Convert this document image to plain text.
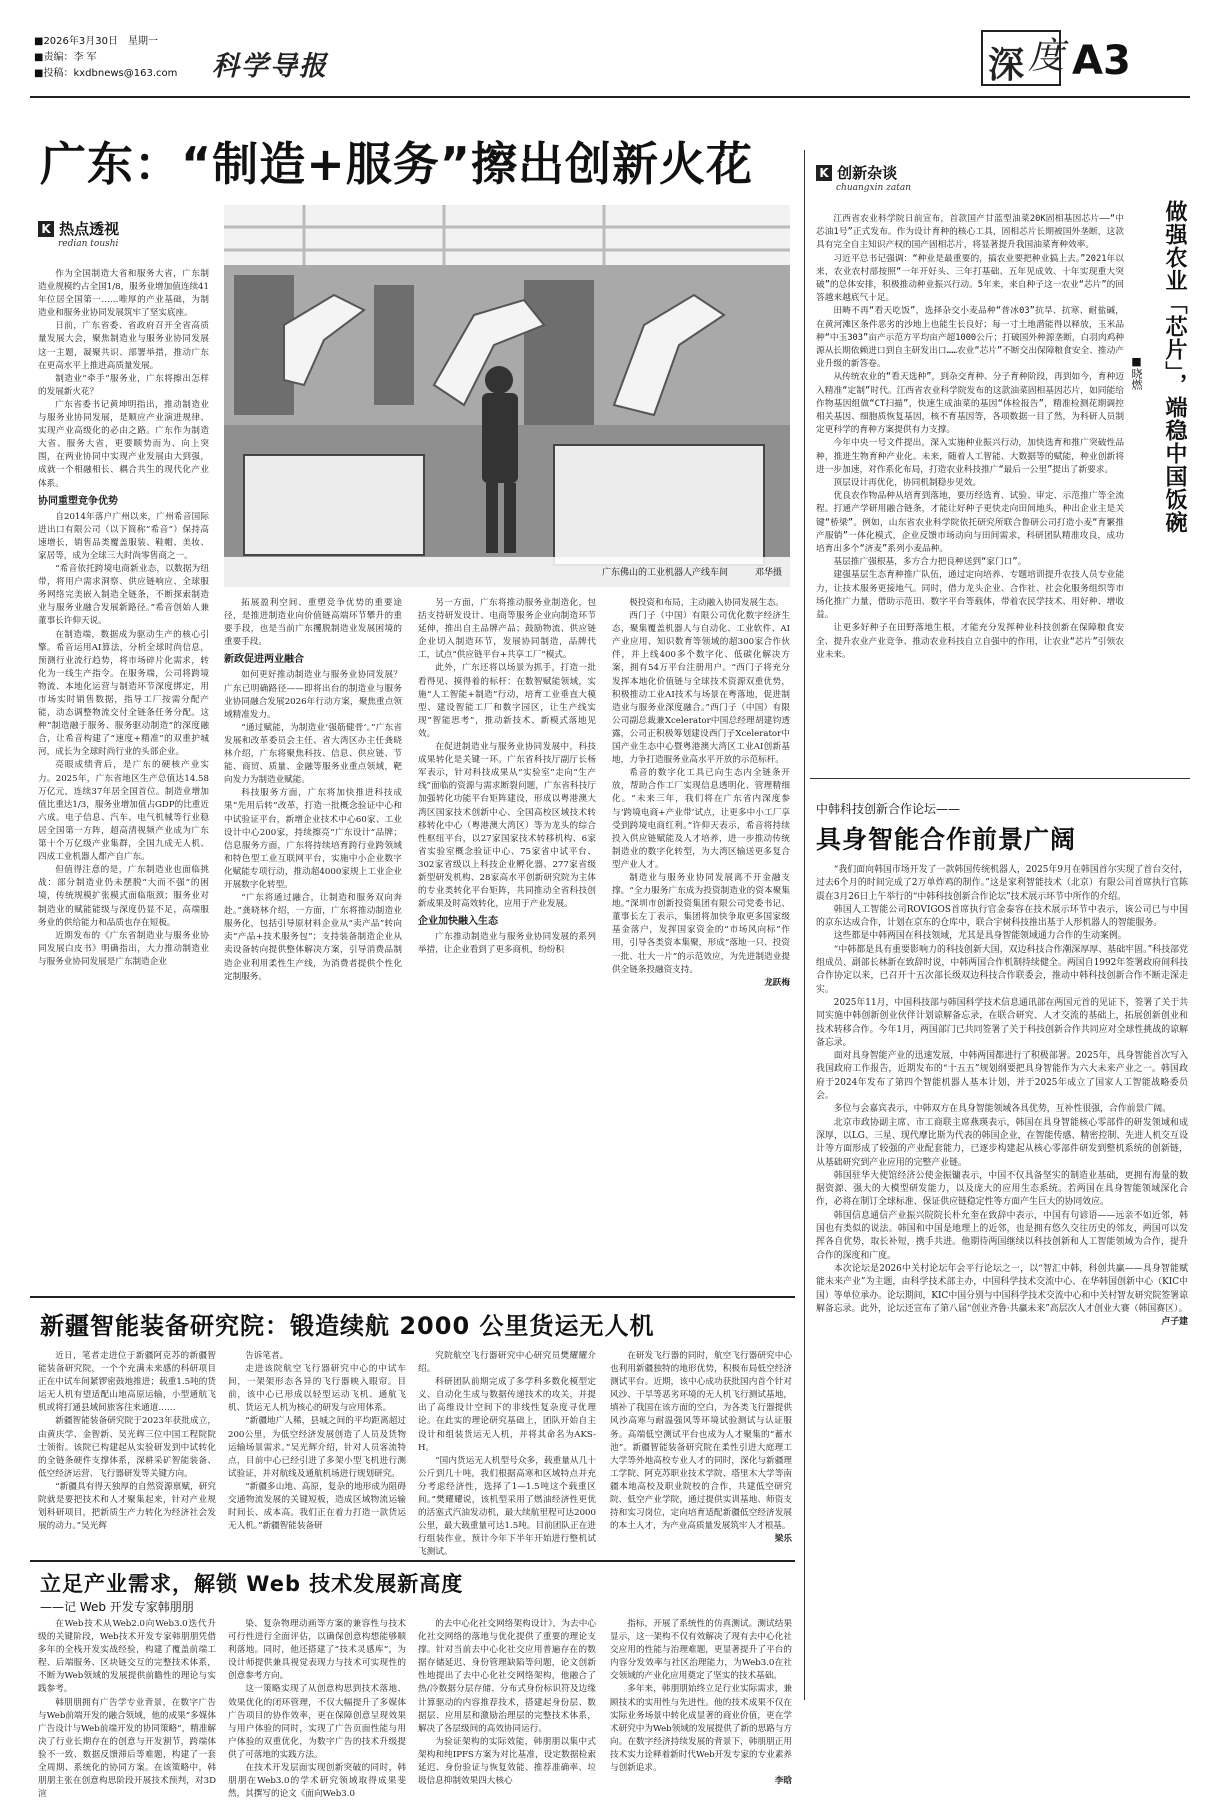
■2026年3月30日　星期一
■责编：李 军
■投稿：kxdbnews@163.com	科学导报	深 度 A3
广东：“制造+服务”擦出创新火花
K 热点透视
redian toushi

作为全国制造大省和服务大省，广东制造业规模约占全国1/8，服务业增加值连续41年位居全国第一……唯厚的产业基础，为制造业和服务业协同发展筑牢了坚实底座。

日前，广东省委、省政府召开全省高质量发展大会，聚焦制造业与服务业协同发展这一主题，凝聚共识、部署举措，推动广东在更高水平上推进高质量发展。

制造业“牵手”服务业，广东将擦出怎样的发展新火花？

广东省委书记黄坤明指出，推动制造业与服务业协同发展，是顺应产业演进规律、实现产业高级化的必由之路。广东作为制造大省、服务大省，更要顺势而为、向上突围，在两业协同中实现产业发展由大到强，成就一个相融相长、耦合共生的现代化产业体系。

协同重塑竞争优势

自2014年落户广州以来，广州希音国际进出口有限公司（以下简称“希音”）保持高速增长，销售品类覆盖服装、鞋帽、美妆、家居等，成为全球三大时尚零售商之一。

“希音依托跨境电商新业态，以数据为纽带，将用户需求洞察、供应链响应、全球服务网络完美嵌入制造全链条，不断探索制造业与服务业融合发展新路径。”希音创始人兼董事长许仰天说。

在制造端，数据成为驱动生产的核心引擎。希音运用AI算法，分析全球时尚信息，预测行业流行趋势，将市场碎片化需求，转化为一线生产指令。在服务端，公司将跨境物流、本地化运营与制造环节深度绑定，用市场实时销售数据，指导工厂按需分配产能，动态调整物流交付全链条任务分配。这种“制造融于服务、服务驱动制造”的深度融合，让希音构建了“速度+精准”的双重护城河，成长为全球时尚行业的头部企业。

亮眼成绩背后，是广东的硬核产业实力。2025年，广东省地区生产总值达14.58万亿元，连续37年居全国首位。制造业增加值比重达1/3，服务业增加值占GDP的比重近六成。电子信息、汽车、电气机械等行业稳居全国第一方阵，超高清视频产业成为广东第十个万亿级产业集群，全国九成无人机、四成工业机器人都产自广东。

但值得注意的是，广东制造业也面临挑战：部分制造业仍未摆脱“大而不强”的困境，传统规模扩张模式面临瓶颈；服务业对制造业的赋能能级与深度仍显不足，高端服务业的供给能力和品质也存在短板。

近期发布的《广东省制造业与服务业协同发展白皮书》明确指出，大力推动制造业与服务业协同发展是广东制造企业

广东佛山的工业机器人产线车间	邓华摄

拓展盈利空间、重塑竞争优势的重要途径，是推进制造业向价值链高端环节攀升的重要手段，也是当前广东攫脱制造业发展困境的重要手段。

新政促进两业融合

如何更好推动制造业与服务业协同发展？广东已明确路径——即将出台的制造业与服务业协同融合发展2026年行动方案，聚焦重点领域精准发力。

“通过赋能，为制造业‘强筋健骨’。”广东省发展和改革委员会主任、省大湾区办主任龚晓林介绍，广东将聚焦科技、信息、供应链、节能、商贸、质量、金融等服务业重点领域，靶向发力为制造业赋能。

科技服务方面，广东将加快推进科技成果“先用后转”改革，打造一批概念验证中心和中试验证平台，新增企业技术中心60家、工业设计中心200家，持续擦亮“广东设计”品牌；信息服务方面，广东将持续培育跨行业跨领域和特色型工业互联网平台，实施中小企业数字化赋能专项行动，推动超4000家规上工业企业开展数字化转型。

“广东将通过融合，让制造和服务双向奔赴。”龚晓林介绍，一方面，广东将推动制造业服务化，包括引导原材料企业从“卖产品”转向卖“产品+技术服务包”；支持装备制造企业从卖设备转向提供整体解决方案，引导消费品制造企业利用柔性生产线，为消费者提供个性化定制服务。

另一方面，广东将推动服务业制造化，包括支持研发设计、电商等服务企业向制造环节延伸，推出自主品牌产品；鼓励物流、供应链企业切入制造环节，发展协同制造，品牌代工，试点“供应链平台+共享工厂”模式。

此外，广东还将以场景为抓手，打造一批看得见、摸得着的标杆：在数智赋能领域，实施“人工智能+制造”行动，培育工业垂直大模型、建设智能工厂和数字园区，让生产线实现“智能思考”，推动新技术、新模式落地见效。

在促进制造业与服务业协同发展中，科技成果转化是关键一环。广东省科技厅副厅长杨军表示，针对科技成果从“实验室”走向“生产线”面临的资源与需求断裂问题，广东省科技厅加强转化功能平台矩阵建设，形成以粤港澳大湾区国家技术创新中心、全国高校区域技术转移转化中心（粤港澳大湾区）等为龙头的综合性枢纽平台，以27家国家技术转移机构、6家省实验室概念验证中心、75家省中试平台、302家省级以上科技企业孵化器、277家省级新型研发机构、28家高水平创新研究院为主体的专业类转化平台矩阵，共同推动全省科技创新成果及时高效转化，应用于产业发展。

企业加快融入生态

广东推动制造业与服务业协同发展的系列举措，让企业看到了更多商机，纷纷积

极投资和布局，主动融入协同发展生态。

西门子（中国）有限公司优化数字经济生态，聚集覆盖机器人与自动化、工业软件、AI产业应用、知识数育等领域的超300家合作伙伴，并上线400多个数字化、低碳化解决方案，拥有54万平台注册用户。“西门子将充分发挥本地化价值链与全球技术资源双重优势，积极推动工业AI技术与场景在粤落地，促进制造业与服务业深度融合。”西门子（中国）有限公司副总裁兼Xcelerator中国总经理胡建钧透露，公司正积极筹划建设西门子Xcelerator中国产业生态中心暨粤港澳大湾区工业AI创新基地，力争打造服务业高水平开放的示范标杆。

希音的数字化工具已向生态内全链条开放，帮助合作工厂实现信息透明化、管理精细化。“未来三年，我们将在广东省内深度参与‘跨境电商+产业带’试点，让更多中小工厂享受到跨境电商红利。”许仰天表示，希音将持续投入供应链赋能及人才培养，进一步推动传统制造业的数字化转型，为大湾区输送更多复合型产业人才。

制造业与服务业协同发展离不开金融支撑。“全力服务广东成为投资制造业的资本聚集地。”深圳市创新投资集团有限公司党委书记、董事长左丁表示，集团将加快争取更多国家级基金落户，发挥国家资金的“市场风向标”作用，引导各类资本集聚，形成“落地一只、投资一批、壮大一片”的示范效应，为先进制造业提供全链条投融资支持。

龙跃梅
K 创新杂谈
chuangxin zatan
做强农业「芯片」，端稳中国饭碗
■晓燃

江西省农业科学院日前宣布，首款国产甘蓝型油菜20K固相基因芯片——“中芯油1号”正式发布。作为设计育种的核心工具，固相芯片长期被国外垄断，这款具有完全自主知识产权的国产固相芯片，将显著提升我国油菜育种效率。

习近平总书记强调：“种业是最重要的，搞农业要把种业搞上去。”2021年以来，农业农村部按照“一年开好头、三年打基础、五年见成效、十年实现重大突破”的总体安排，积极推动种业振兴行动。5年来，来自种子这一农业“芯片”的回答越来越底气十足。

田畴不再“看天吃饭”，选择杂交小麦品种“普冰03”抗旱、抗寒、耐盐碱，在黄河滩区条件恶劣的沙地上也能生长良好；每一寸土地潜能得以释放，玉米品种“中玉303”亩产示范方平均亩产超1000公斤；打破国外种源垄断，白羽肉鸡种源从长期依赖进口到自主研发出口……农业“芯片”不断交出保障粮食安全、推动产业升级的新答卷。

从传统农业的“看天选种”，到杂交育种、分子育种阶段，再到如今，育种迈入精准“定制”时代。江西省农业科学院发布的这款油菜固相基因芯片，如同能给作物基因组做“CT扫描”，快速生成油菜的基因“体检报告”，精准检测花期调控相关基因、细胞质恢复基因，核不育基因等，各项数据一目了然，为科研人员制定更科学的育种方案提供有力支撑。

今年中央一号文件提出，深入实施种业振兴行动，加快选育和推广突破性品种，推进生物育种产业化。未来，随着人工智能、大数据等的赋能，种业创新将进一步加速，对作系化布局，打造农业科技推广“最后一公里”提出了新要求。

顶层设计再优化，协同机制稳步见效。

优良农作物品种从培育到落地，要历经选育、试验、审定、示范推广等全流程。打通产学研用融合链条，才能让好种子更快走向田间地头，种出企业主是关键“桥梁”。例如，山东省农业科学院依托研究所联合鲁研公司打造小麦“育繁推产服销”一体化模式，企业反馈市场动向与田间需求，科研团队精准攻良，成功培育出多个“济麦”系列小麦品种。

基层推广强根基，多方合力把良种送到“家门口”。

建强基层生态育种推广队伍，通过定向培养、专题培训提升农技人员专业能力，让技术服务更接地气。同时，借力龙头企业、合作社、社会化服务组织等市场化推广力量，借助示范田、数字平台等载体，带着农民学技术、用好种、增收益。

让更多好种子在田野落地生根，才能充分发挥种业科技创新在保障粮食安全、提升农业产业竞争、推动农业科技自立自强中的作用，让农业“芯片”引领农业未来。

中韩科技创新合作论坛——
具身智能合作前景广阔

“我们面向韩国市场开发了一款韩国传统机器人，2025年9月在韩国首尔实现了首台交付，过去6个月的时间完成了2万单炸鸡的制作。”这是家利智能技术（北京）有限公司首席执行官陈震在3月26日上午举行的“中韩科技创新合作论坛”技术展示环节中所作的介绍。

韩国人工智能公司ROVIGOS首席执行官金泰容在技术展示环节中表示，该公司已与中国的京东达成合作，计划在京东的仓库中，联合宇树科技推出基于人形机器人的智能服务。

这些都是中韩两国在科技领域，尤其是具身智能领域通力合作的生动案例。

“中韩都是具有重要影响力的科技创新大国，双边科技合作潮深厚厚、基础牢固。”科技部党组成员、副部长林新在致辞时说，中韩两国合作机制持续健全。两国自1992年签署政府间科技合作协定以来，已召开十五次部长级双边科技合作联委会，推动中韩科技创新合作不断走深走实。

2025年11月，中国科技部与韩国科学技术信息通讯部在两国元首的见证下，签署了关于共同实施中韩创新创业伙伴计划谅解备忘录，在联合研究、人才交流的基础上，拓展创新创业和技术转移合作。今年1月，两国部门已共同签署了关于科技创新合作共同应对全球性挑战的谅解备忘录。

面对具身智能产业的迅速发展，中韩两国都进行了积极部署。2025年，具身智能首次写入我国政府工作报告，近期发布的“十五五”规划纲要把具身智能作为六大未来产业之一。韩国政府于2024年发布了第四个智能机器人基本计划，并于2025年成立了国家人工智能战略委员会。

多位与会嘉宾表示，中韩双方在具身智能领域各具优势，互补性很强，合作前景广阔。

北京市政协副主席、市工商联主席燕瑛表示，韩国在具身智能核心零部件的研发领域和成深厚，以LG、三星、现代摩比斯为代表的韩国企业，在智能传感、精密控制、先进人机交互设计等方面形成了较强的产业配套能力，已逐步构建起从核心零部件研发到整机系统的创新链，从基础研究到产业应用的完整产业链。

韩国驻华大使馆经济公使金振镛表示，中国不仅具备坚实的制造业基础，更拥有海量的数据资源、强大的大模型研发能力，以及庞大的应用生态系统。若两国在具身智能领域深化合作，必将在制订全球标准、保证供应链稳定性等方面产生巨大的协同效应。

韩国信息通信产业振兴院院长朴允奎在致辞中表示，中国有句谚语——远亲不如近邻，韩国也有类似的说法。韩国和中国是地理上的近邻，也是拥有悠久交往历史的邻友，两国可以发挥各自优势，取长补短，携手共进。他期待两国继续以科技创新和人工智能领域为合作，提升合作的深度和广度。

本次论坛是2026中关村论坛年会平行论坛之一，以“智汇中韩，科创共赢——具身智能赋能未来产业”为主题，由科学技术部主办，中国科学技术交流中心、在华韩国创新中心（KIC中国）等单位承办。论坛期间，KIC中国分别与中国科学技术交流中心和中关村智友研究院签署谅解备忘录。此外，论坛还宣布了第八届“创业齐鲁·共赢未来”高层次人才创业大赛（韩国赛区）。

卢子建
新疆智能装备研究院：锻造续航 2000 公里货运无人机

近日，笔者走进位于新疆阿克苏的新疆智能装备研究院，一个个充满未来感的科研项目正在中试车间紧锣密鼓地推进；载重1.5吨的货运无人机有望适配山地高原运输，小型通航飞机或将打通县域间旅客往来通道……

新疆智能装备研究院于2023年获批成立，由黄庆学、金智新、吴光辉三位中国工程院院士领衔。该院已构建起从实验研发到中试转化的全链条硬件支撑体系，深耕采矿智能装备、低空经济运营、飞行器研发等关键方向。

“新疆具有得天独厚的自然资源禀赋，研究院就是要把技术和人才聚集起来，针对产业规划科研项目，把新质生产力转化为经济社会发展的动力。”吴光辉

告诉笔者。

走进该院航空飞行器研究中心的中试车间，一架架形态各异的飞行器映入眼帘。目前，该中心已形成以轻型运动飞机、通航飞机、货运无人机为核心的研发与应用体系。

“新疆地广人稀，县城之间的平均距离超过200公里，为低空经济发展创造了人员及货物运输场景需求。”吴光辉介绍，针对人员客流特点，目前中心已经引进了多架小型飞机进行测试验证，并对航线及通航机场进行规划研究。

“新疆多山地、高原，复杂的地形成为阻碍交通物流发展的关键短板，造成区域物流运输时间长、成本高。我们正在着力打造一款货运无人机。”新疆智能装备研

究院航空飞行器研究中心研究员樊耀耀介绍。

科研团队前期完成了多学科多数化模型定义、自动化生成与数据传递技术的攻关，并提出了高维设计空间下的非线性复杂度寻优理论。在此实的理论研究基础上，团队开始自主设计和组装货运无人机，并将其命名为AKS-H。

“国内货运无人机型号众多，载重量从几十公斤到几十吨，我们根据高寒和区域特点并充分考虑经济性，选择了1—1.5吨这个载重区间。”樊耀耀说，该机型采用了燃油经济性更优的活塞式汽油发动机，最大续航里程可达2000公里，最大载重量可达1.5吨。目前团队正在进行组装作业，预计今年下半年开始进行整机试飞测试。

在研发飞行器的同时，航空飞行器研究中心也利用新疆独特的地形优势，积极布局低空经济测试平台。近期，该中心成功获批国内首个针对风沙、干旱等恶劣环境的无人机飞行测试基地，填补了我国在该方面的空白，为各类飞行器提供风沙高寒与耐温强风等环境试验测试与认证服务。高端低空测试平台也成为人才聚集的“蓄水池”。新疆智能装备研究院在柔性引进大庭理工大学等外地高校专业人才的同时，深化与新疆理工学院、阿克苏职业技术学院、塔里木大学等南疆本地高校及职业院校的合作，共建低空研究院、低空产业学院，通过提供实训基地、师资支持和实习岗位，定向培育适配新疆低空经济发展的本土人才，为产业高质量发展筑牢人才根基。

梁乐
立足产业需求，解锁 Web 技术发展新高度
——记 Web 开发专家韩朋朋

在Web技术从Web2.0向Web3.0迭代升级的关键阶段，Web技术开发专家韩朋朋凭借多年的全栈开发实战经验，构建了覆盖前端工程、后端服务、区块链交互的完整技术体系，不断为Web领域的发展提供前瞻性的理论与实践参考。

韩朋朋拥有广告学专业背景，在数字广告与Web前端开发的融合领域，他的成果“多媒体广告设计与Web前端开发的协同策略”，精准解决了行业长期存在的创意与开发割节，跨端体验不一致、数据反馈滞后等难题，构建了一套全周期、系统化的协同方案。在该策略中，韩朋朋主张在创意构思阶段开展技术预判，对3D渲

染、复杂物理动画等方案的兼容性与技术可行性进行全面评估，以确保创意构想能够顺利落地。同时，他还搭建了“技术灵感库”，为设计师提供兼具视觉表现力与技术可实现性的创意参考方向。

这一策略实现了从创意构思到技术落地、效果优化的闭环管理，不仅大幅提升了多媒体广告项目的协作效率，更在保障创意呈现效果与用户体验的同时，实现了广告页面性能与用户体验的双重优化，为数字广告的技术升级提供了可落地的实践方法。

在技术开发层面实现创新突破的同时，韩朋朋在Web3.0的学术研究领域取得成果斐然，其撰写的论文《面向Web3.0

的去中心化社交网络架构设计》，为去中心化社交网络的落地与优化提供了重要的理论支撑。针对当前去中心化社交应用普遍存在的数据存储延迟、身份管理缺陷等问题，论文创新性地提出了去中心化社交网络架构，他融合了热/冷数据分层存储、分布式身份标识符及边缘计算驱动的内容推荐技术，搭建起身份层、数据层、应用层和激励治理层的完整技术体系，解决了各层级间的高效协同运行。

为验证架构的实际效能，韩朋朋以集中式架构和纯IPFS方案为对比基准，设定数据检索延迟、身份验证与恢复效能、推荐准确率、垃圾信息抑制效果四大核心

指标，开展了系统性的仿真测试。测试结果显示，这一架构不仅有效解决了现有去中心化社交应用的性能与治理难题，更显著提升了平台的内容分发效率与社区治理能力，为Web3.0在社交领域的产业化应用奠定了坚实的技术基础。

多年来，韩朋朋始终立足行业实际需求，兼顾技术的实用性与先进性。他的技术成果不仅在实际业务场景中转化成显著的商业价值，更在学术研究中为Web领域的发展提供了新的思路与方向。在数字经济持续发展的背景下，韩朋朋正用技术实力诠释着新时代Web开发专家的专业素养与创新追求。

李晗
